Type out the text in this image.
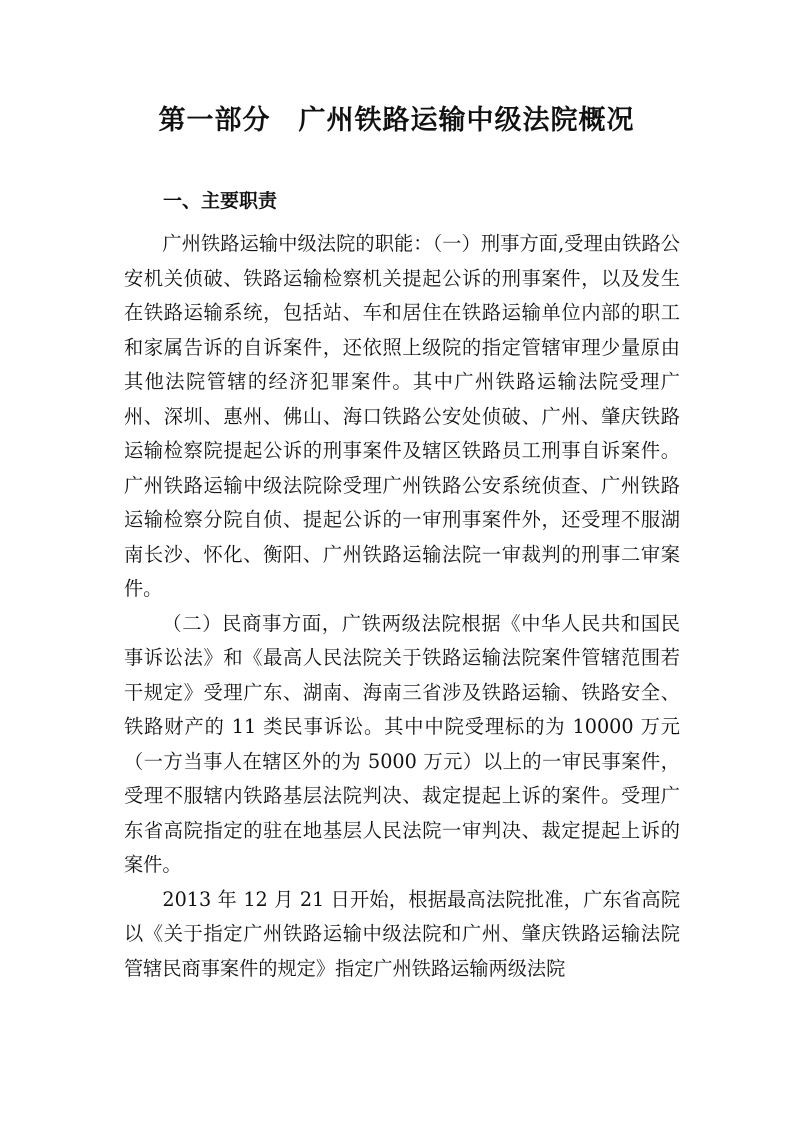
第一部分　广州铁路运输中级法院概况
一、主要职责

广州铁路运输中级法院的职能：（一）刑事方面,受理由铁路公安机关侦破、铁路运输检察机关提起公诉的刑事案件，以及发生在铁路运输系统，包括站、车和居住在铁路运输单位内部的职工和家属告诉的自诉案件，还依照上级院的指定管辖审理少量原由其他法院管辖的经济犯罪案件。其中广州铁路运输法院受理广州、深圳、惠州、佛山、海口铁路公安处侦破、广州、肇庆铁路运输检察院提起公诉的刑事案件及辖区铁路员工刑事自诉案件。广州铁路运输中级法院除受理广州铁路公安系统侦查、广州铁路运输检察分院自侦、提起公诉的一审刑事案件外，还受理不服湖南长沙、怀化、衡阳、广州铁路运输法院一审裁判的刑事二审案件。

（二）民商事方面，广铁两级法院根据《中华人民共和国民事诉讼法》和《最高人民法院关于铁路运输法院案件管辖范围若干规定》受理广东、湖南、海南三省涉及铁路运输、铁路安全、铁路财产的 11 类民事诉讼。其中中院受理标的为 10000 万元（一方当事人在辖区外的为 5000 万元）以上的一审民事案件，受理不服辖内铁路基层法院判决、裁定提起上诉的案件。受理广东省高院指定的驻在地基层人民法院一审判决、裁定提起上诉的案件。

2013 年 12 月 21 日开始，根据最高法院批准，广东省高院以《关于指定广州铁路运输中级法院和广州、肇庆铁路运输法院管辖民商事案件的规定》指定广州铁路运输两级法院
